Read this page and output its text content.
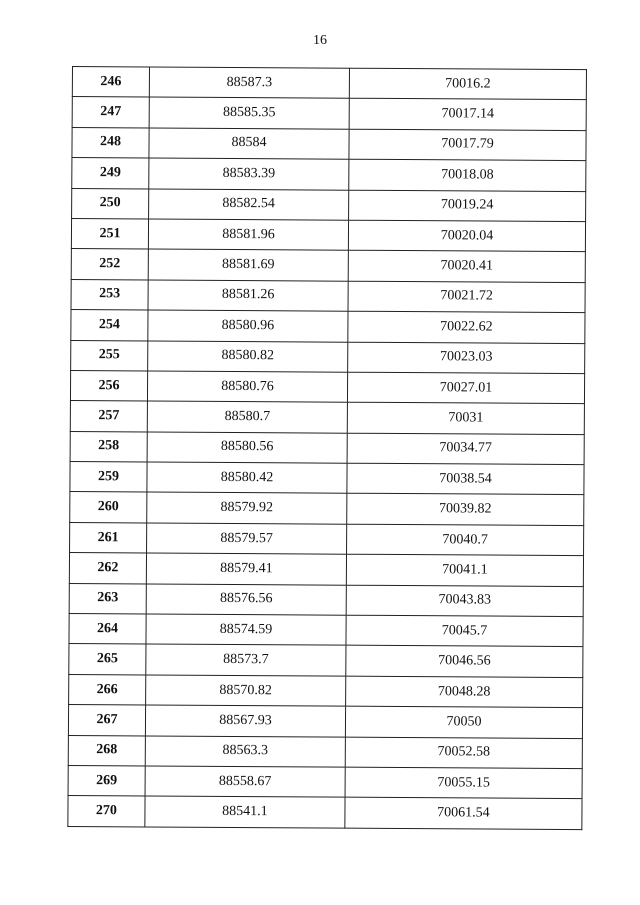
16
246	88587.3	70016.2
247	88585.35	70017.14
248	88584	70017.79
249	88583.39	70018.08
250	88582.54	70019.24
251	88581.96	70020.04
252	88581.69	70020.41
253	88581.26	70021.72
254	88580.96	70022.62
255	88580.82	70023.03
256	88580.76	70027.01
257	88580.7	70031
258	88580.56	70034.77
259	88580.42	70038.54
260	88579.92	70039.82
261	88579.57	70040.7
262	88579.41	70041.1
263	88576.56	70043.83
264	88574.59	70045.7
265	88573.7	70046.56
266	88570.82	70048.28
267	88567.93	70050
268	88563.3	70052.58
269	88558.67	70055.15
270	88541.1	70061.54
